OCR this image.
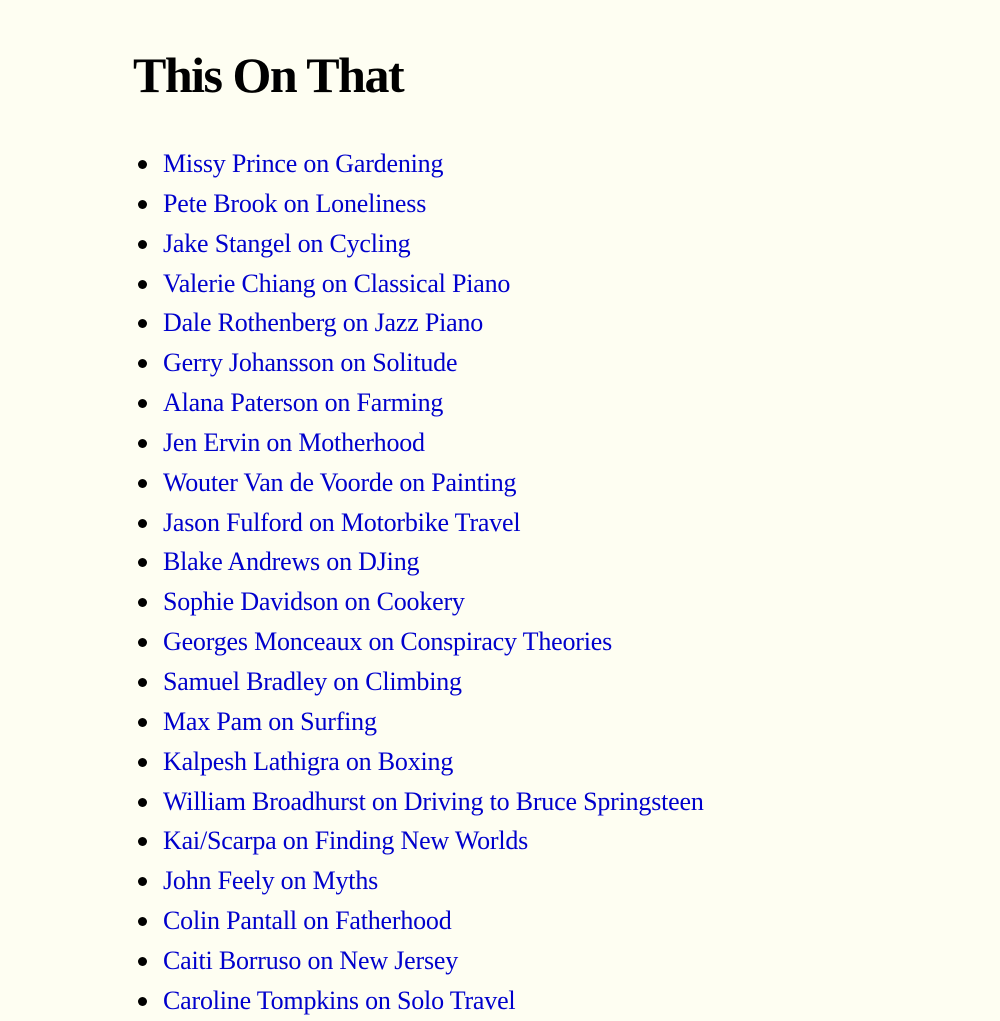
This On That
Missy Prince on Gardening
Pete Brook on Loneliness
Jake Stangel on Cycling
Valerie Chiang on Classical Piano
Dale Rothenberg on Jazz Piano
Gerry Johansson on Solitude
Alana Paterson on Farming
Jen Ervin on Motherhood
Wouter Van de Voorde on Painting
Jason Fulford on Motorbike Travel
Blake Andrews on DJing
Sophie Davidson on Cookery
Georges Monceaux on Conspiracy Theories
Samuel Bradley on Climbing
Max Pam on Surfing
Kalpesh Lathigra on Boxing
William Broadhurst on Driving to Bruce Springsteen
Kai/Scarpa on Finding New Worlds
John Feely on Myths
Colin Pantall on Fatherhood
Caiti Borruso on New Jersey
Caroline Tompkins on Solo Travel
